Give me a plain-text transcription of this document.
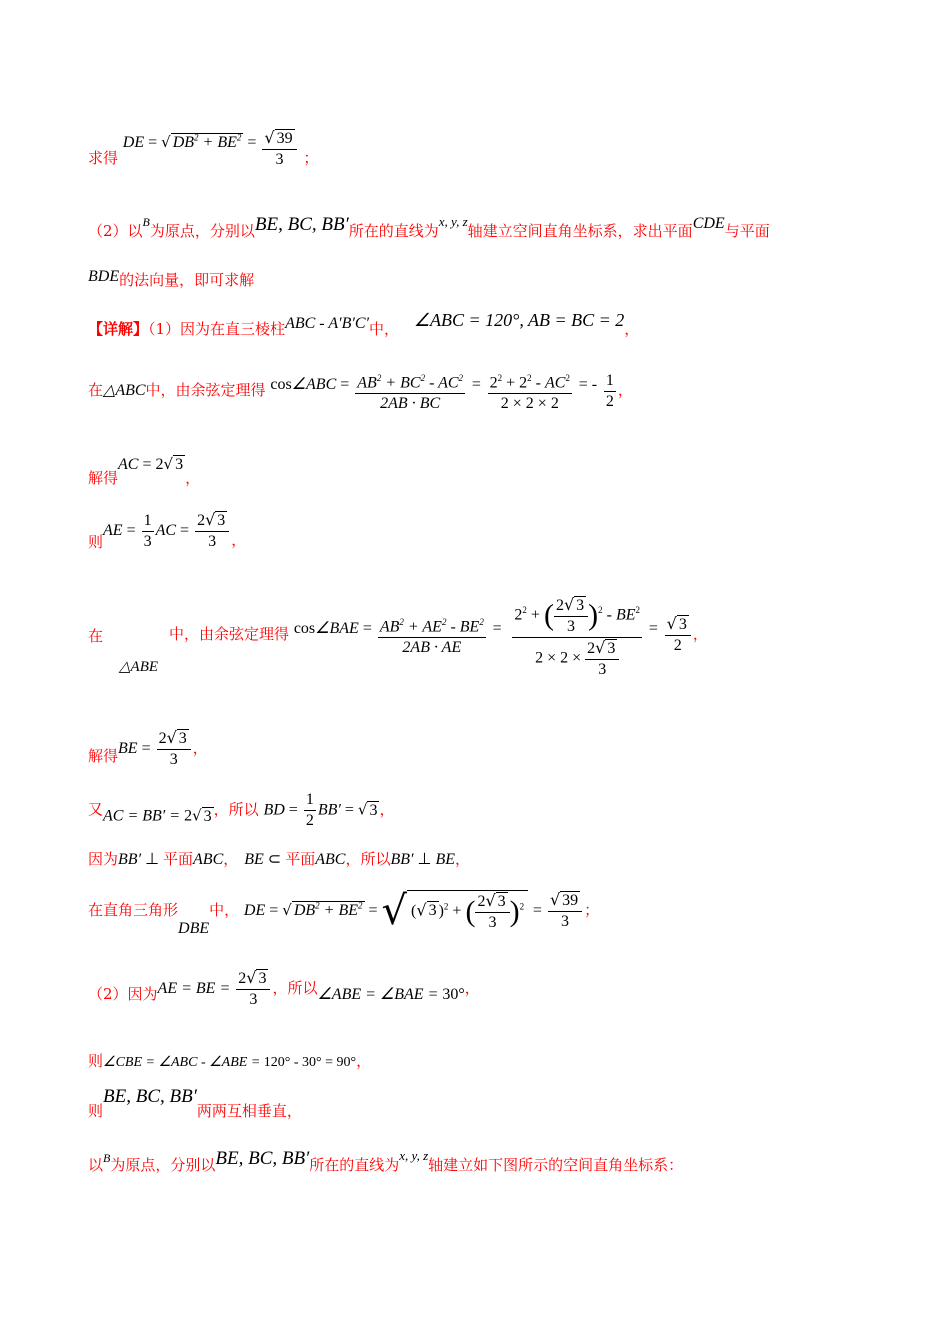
求得 DE = √ $DB^2 + BE^2 = \frac{√ 39}{3}$ ；
（2）以$^B$为原点，分别以BE, BC, BB′所在的直线为x, y, z轴建立空间直角坐标系，求出平面CDE与平面
BDE的法向量，即可求解
【详解】（1）因为在直三棱柱ABC - A′B′C′中， ∠ABC = 120°, AB = BC = 2，
在△ABC中，由余弦定理得 cos∠ABC = $\frac{AB^2 + BC^2 - AC^2}{2AB \cdot BC} = \frac{2^2 + 2^2 - AC^2}{2 \times 2 \times 2}$ = - $\frac{1}{2}$ ，
解得AC = 2√ 3，
则AE = $\frac{1}{3}$ AC = $\frac{2√ 3}{3}$ ，
在△ABE中，由余弦定理得 cos∠BAE = $\frac{AB^2 + AE^2 - BE^2}{2AB \cdot AE} = \frac{2^2 + ( \frac{2√ 3}{3} )^2 - BE^2}{2 \times 2 \times \frac{2√ 3}{3}} = \frac{√ 3}{2}$ ，
解得BE = $\frac{2√ 3}{3}$ ，
又AC = BB′ = 2√ 3 ，所以 BD = $\frac{1}{2} BB'$ = √ 3 ，
因为BB′ ⊥ 平面ABC， BE ⊂ 平面ABC，所以BB′ ⊥ BE，
在直角三角形DBE中， DE = √ $DB^2 + BE^2$ = √ (√ 3 )$^2$ + ( $\frac{2√ 3}{3} )^2 = \frac{√ 39}{3}$ ；
（2）因为AE = BE = $\frac{2√ 3}{3}$ ，所以∠ABE = ∠BAE = 30°，
则∠CBE = ∠ABC - ∠ABE = 120° - 30° = 90°，
则BE, BC, BB′两两互相垂直，
以$^B$为原点，分别以BE, BC, BB′所在的直线为x, y, z轴建立如下图所示的空间直角坐标系：
